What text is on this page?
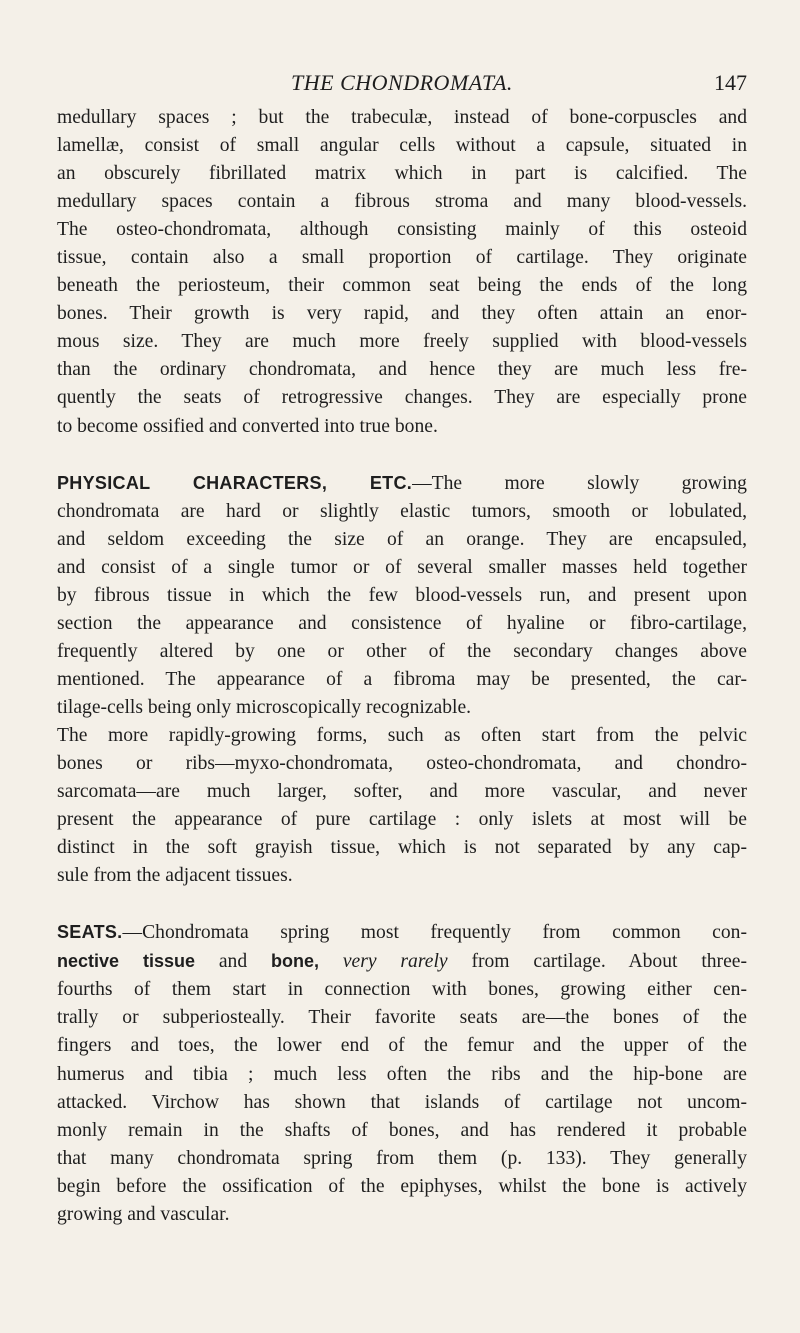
THE CHONDROMATA.	147
medullary spaces ; but the trabeculæ, instead of bone-corpuscles and
lamellæ, consist of small angular cells without a capsule, situated in
an obscurely fibrillated matrix which in part is calcified. The
medullary spaces contain a fibrous stroma and many blood-vessels.
The osteo-chondromata, although consisting mainly of this osteoid
tissue, contain also a small proportion of cartilage. They originate
beneath the periosteum, their common seat being the ends of the long
bones. Their growth is very rapid, and they often attain an enor-
mous size. They are much more freely supplied with blood-vessels
than the ordinary chondromata, and hence they are much less fre-
quently the seats of retrogressive changes. They are especially prone
to become ossified and converted into true bone.
PHYSICAL CHARACTERS, ETC.—The more slowly growing
chondromata are hard or slightly elastic tumors, smooth or lobulated,
and seldom exceeding the size of an orange. They are encapsuled,
and consist of a single tumor or of several smaller masses held together
by fibrous tissue in which the few blood-vessels run, and present upon
section the appearance and consistence of hyaline or fibro-cartilage,
frequently altered by one or other of the secondary changes above
mentioned. The appearance of a fibroma may be presented, the car-
tilage-cells being only microscopically recognizable.
The more rapidly-growing forms, such as often start from the pelvic
bones or ribs—myxo-chondromata, osteo-chondromata, and chondro-
sarcomata—are much larger, softer, and more vascular, and never
present the appearance of pure cartilage : only islets at most will be
distinct in the soft grayish tissue, which is not separated by any cap-
sule from the adjacent tissues.
SEATS.—Chondromata spring most frequently from common con-
nective tissue and bone, very rarely from cartilage. About three-
fourths of them start in connection with bones, growing either cen-
trally or subperiosteally. Their favorite seats are—the bones of the
fingers and toes, the lower end of the femur and the upper of the
humerus and tibia ; much less often the ribs and the hip-bone are
attacked. Virchow has shown that islands of cartilage not uncom-
monly remain in the shafts of bones, and has rendered it probable
that many chondromata spring from them (p. 133). They generally
begin before the ossification of the epiphyses, whilst the bone is actively
growing and vascular.
